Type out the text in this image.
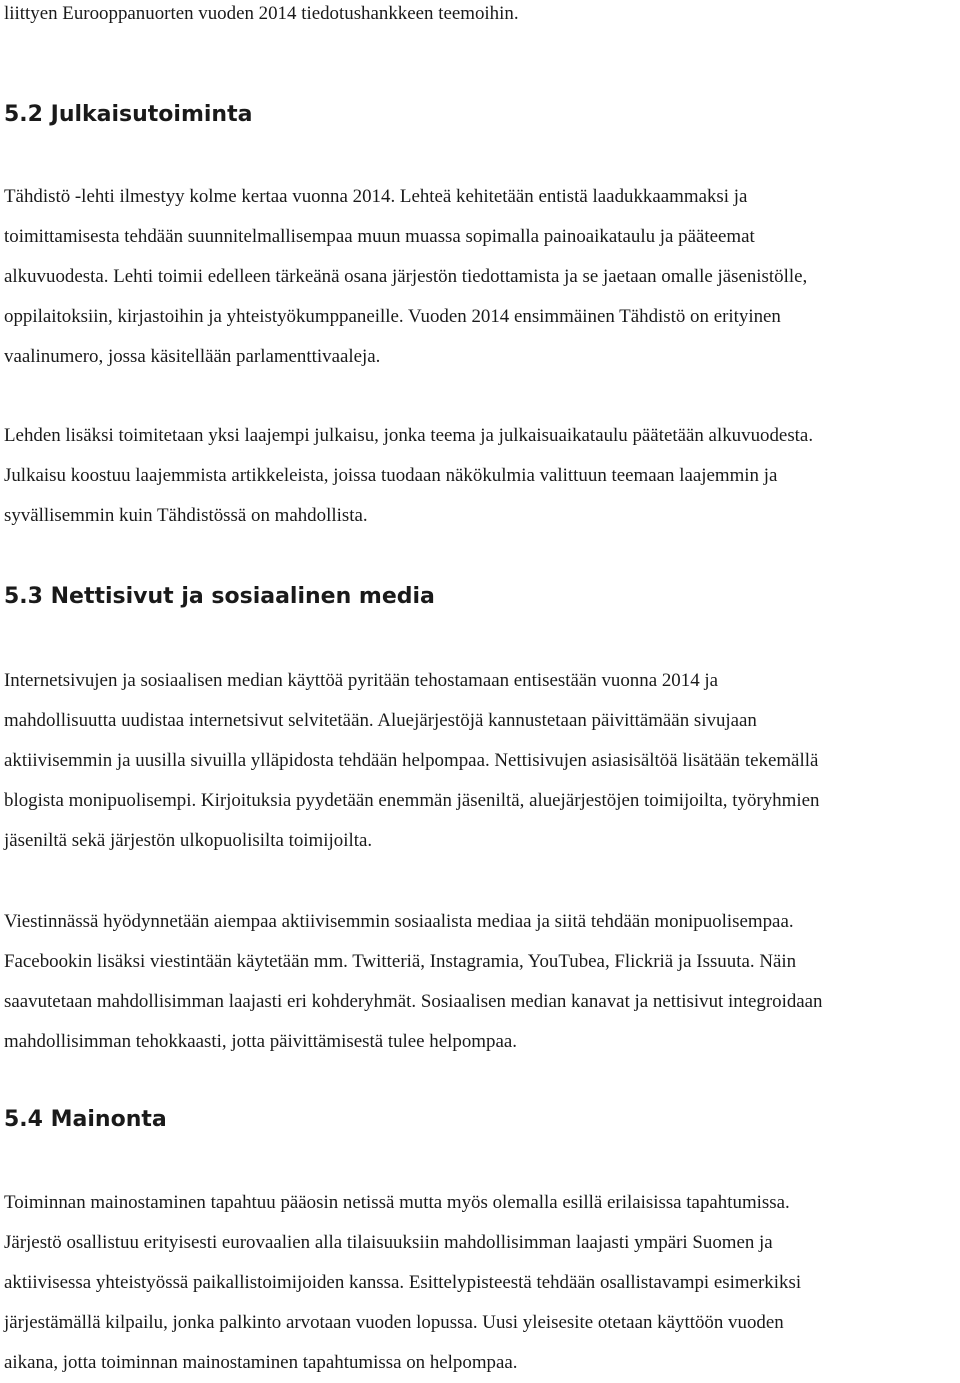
liittyen Eurooppanuorten vuoden 2014 tiedotushankkeen teemoihin.

5.2 Julkaisutoiminta

Tähdistö -lehti ilmestyy kolme kertaa vuonna 2014. Lehteä kehitetään entistä laadukkaammaksi ja
toimittamisesta tehdään suunnitelmallisempaa muun muassa sopimalla painoaikataulu ja pääteemat
alkuvuodesta. Lehti toimii edelleen tärkeänä osana järjestön tiedottamista ja se jaetaan omalle jäsenistölle,
oppilaitoksiin, kirjastoihin ja yhteistyökumppaneille. Vuoden 2014 ensimmäinen Tähdistö on erityinen
vaalinumero, jossa käsitellään parlamenttivaaleja.

Lehden lisäksi toimitetaan yksi laajempi julkaisu, jonka teema ja julkaisuaikataulu päätetään alkuvuodesta.
Julkaisu koostuu laajemmista artikkeleista, joissa tuodaan näkökulmia valittuun teemaan laajemmin ja
syvällisemmin kuin Tähdistössä on mahdollista.

5.3 Nettisivut ja sosiaalinen media

Internetsivujen ja sosiaalisen median käyttöä pyritään tehostamaan entisestään vuonna 2014 ja
mahdollisuutta uudistaa internetsivut selvitetään. Aluejärjestöjä kannustetaan päivittämään sivujaan
aktiivisemmin ja uusilla sivuilla ylläpidosta tehdään helpompaa. Nettisivujen asiasisältöä lisätään tekemällä
blogista monipuolisempi. Kirjoituksia pyydetään enemmän jäseniltä, aluejärjestöjen toimijoilta, työryhmien
jäseniltä sekä järjestön ulkopuolisilta toimijoilta.

Viestinnässä hyödynnetään aiempaa aktiivisemmin sosiaalista mediaa ja siitä tehdään monipuolisempaa.
Facebookin lisäksi viestintään käytetään mm. Twitteriä, Instagramia, YouTubea, Flickriä ja Issuuta. Näin
saavutetaan mahdollisimman laajasti eri kohderyhmät. Sosiaalisen median kanavat ja nettisivut integroidaan
mahdollisimman tehokkaasti, jotta päivittämisestä tulee helpompaa.

5.4 Mainonta

Toiminnan mainostaminen tapahtuu pääosin netissä mutta myös olemalla esillä erilaisissa tapahtumissa.
Järjestö osallistuu erityisesti eurovaalien alla tilaisuuksiin mahdollisimman laajasti ympäri Suomen ja
aktiivisessa yhteistyössä paikallistoimijoiden kanssa. Esittelypisteestä tehdään osallistavampi esimerkiksi
järjestämällä kilpailu, jonka palkinto arvotaan vuoden lopussa. Uusi yleisesite otetaan käyttöön vuoden
aikana, jotta toiminnan mainostaminen tapahtumissa on helpompaa.
